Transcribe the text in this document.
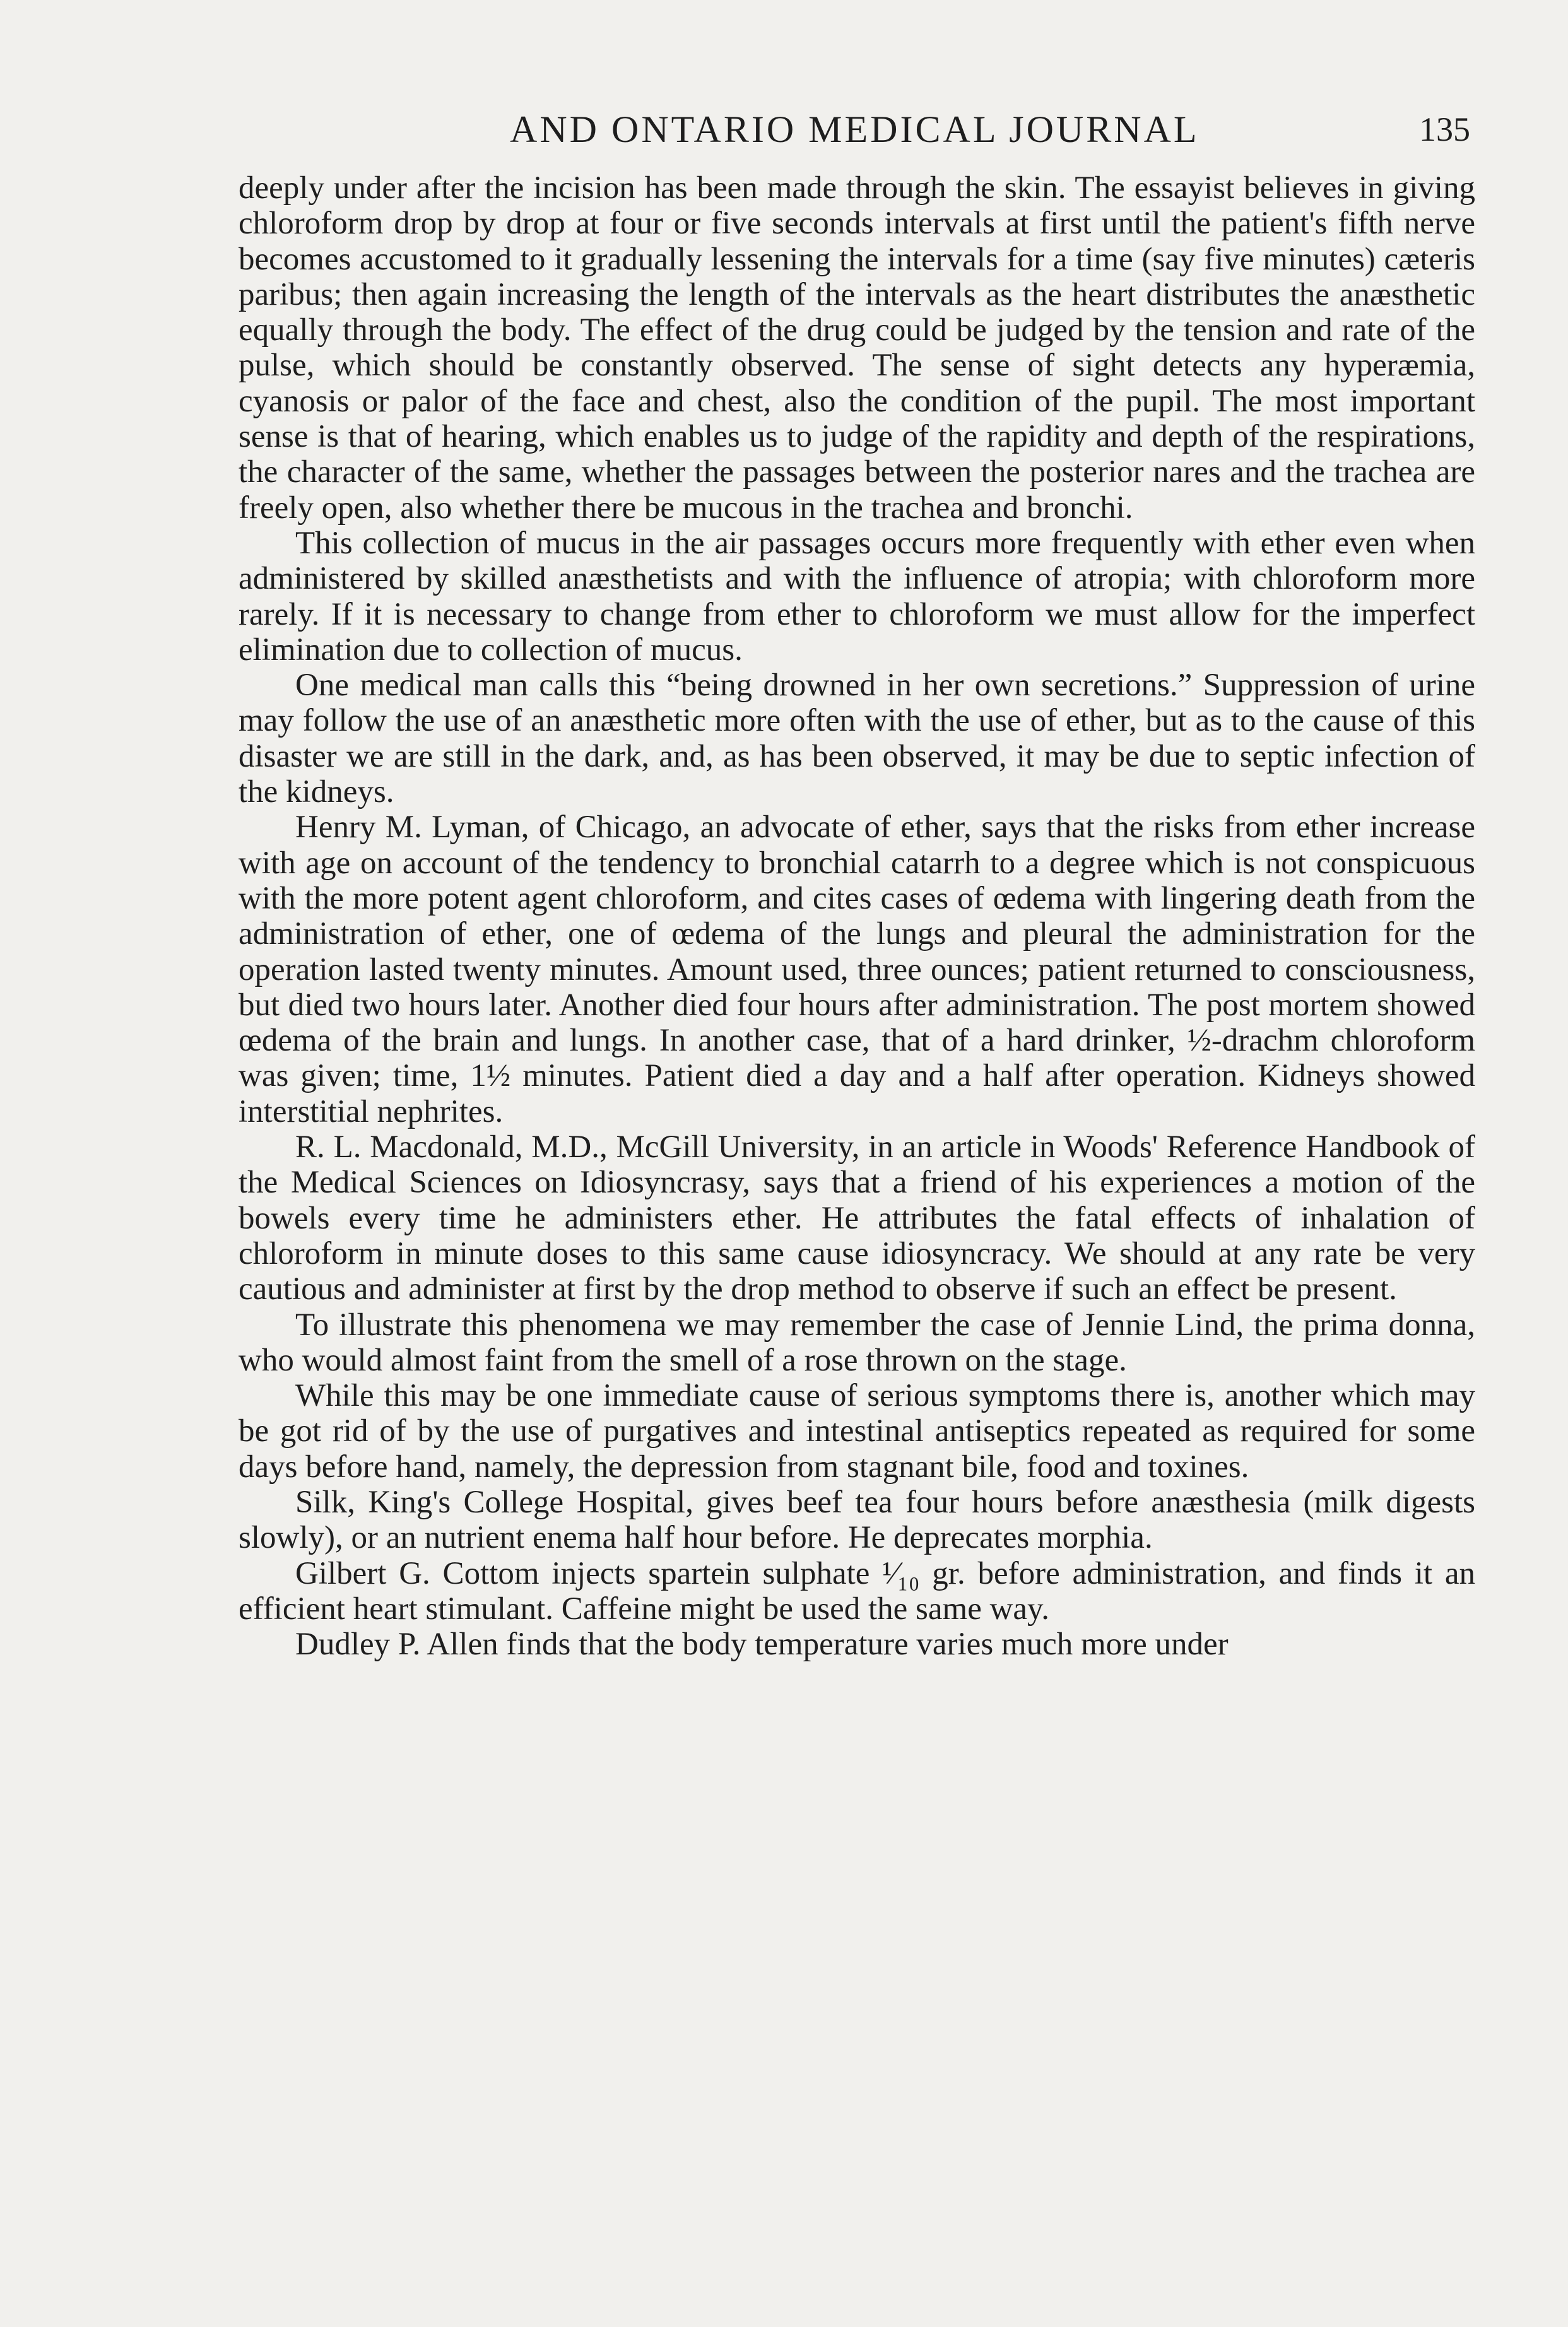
AND ONTARIO MEDICAL JOURNAL	135

deeply under after the incision has been made through the skin. The essayist believes in giving chloroform drop by drop at four or five seconds intervals at first until the patient's fifth nerve becomes accustomed to it gradually lessening the intervals for a time (say five minutes) cæteris paribus; then again increasing the length of the intervals as the heart distributes the anæsthetic equally through the body. The effect of the drug could be judged by the tension and rate of the pulse, which should be constantly observed. The sense of sight detects any hyperæmia, cyanosis or palor of the face and chest, also the condition of the pupil. The most important sense is that of hearing, which enables us to judge of the rapidity and depth of the respirations, the character of the same, whether the passages between the posterior nares and the trachea are freely open, also whether there be mucous in the trachea and bronchi.

This collection of mucus in the air passages occurs more frequently with ether even when administered by skilled anæsthetists and with the influence of atropia; with chloroform more rarely. If it is necessary to change from ether to chloroform we must allow for the imperfect elimination due to collection of mucus.

One medical man calls this “being drowned in her own secretions.” Suppression of urine may follow the use of an anæsthetic more often with the use of ether, but as to the cause of this disaster we are still in the dark, and, as has been observed, it may be due to septic infection of the kidneys.

Henry M. Lyman, of Chicago, an advocate of ether, says that the risks from ether increase with age on account of the tendency to bronchial catarrh to a degree which is not conspicuous with the more potent agent chloroform, and cites cases of œdema with lingering death from the administration of ether, one of œdema of the lungs and pleural the administration for the operation lasted twenty minutes. Amount used, three ounces; patient returned to consciousness, but died two hours later. Another died four hours after administration. The post mortem showed œdema of the brain and lungs. In another case, that of a hard drinker, ½-drachm chloroform was given; time, 1½ minutes. Patient died a day and a half after operation. Kidneys showed interstitial nephrites.

R. L. Macdonald, M.D., McGill University, in an article in Woods' Reference Handbook of the Medical Sciences on Idiosyncrasy, says that a friend of his experiences a motion of the bowels every time he administers ether. He attributes the fatal effects of inhalation of chloroform in minute doses to this same cause idiosyncracy. We should at any rate be very cautious and administer at first by the drop method to observe if such an effect be present.

To illustrate this phenomena we may remember the case of Jennie Lind, the prima donna, who would almost faint from the smell of a rose thrown on the stage.

While this may be one immediate cause of serious symptoms there is, another which may be got rid of by the use of purgatives and intestinal antiseptics repeated as required for some days before hand, namely, the depression from stagnant bile, food and toxines.

Silk, King's College Hospital, gives beef tea four hours before anæsthesia (milk digests slowly), or an nutrient enema half hour before. He deprecates morphia.

Gilbert G. Cottom injects spartein sulphate ¹⁄₁₀ gr. before administration, and finds it an efficient heart stimulant. Caffeine might be used the same way.

Dudley P. Allen finds that the body temperature varies much more under
